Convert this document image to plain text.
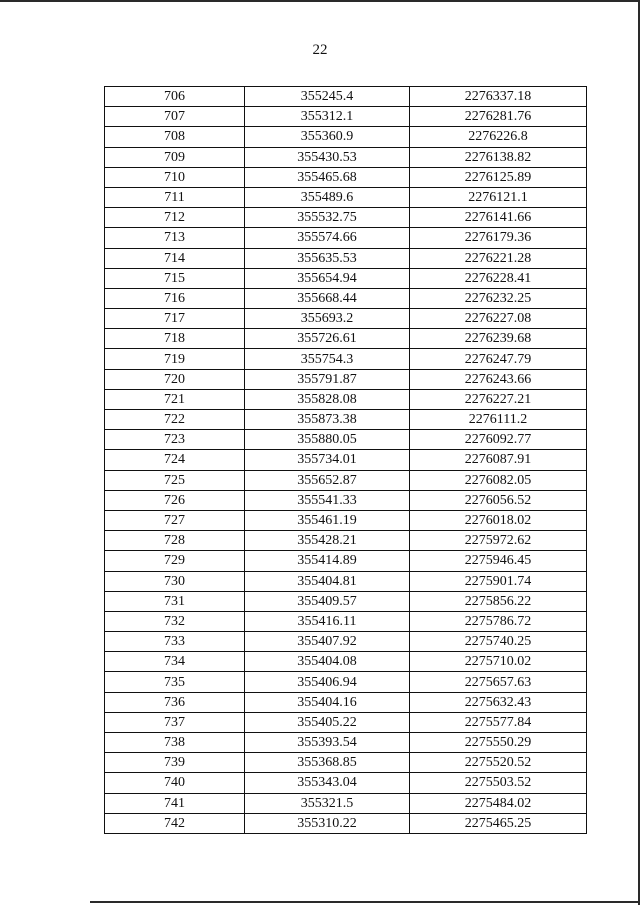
22
706	355245.4	2276337.18
707	355312.1	2276281.76
708	355360.9	2276226.8
709	355430.53	2276138.82
710	355465.68	2276125.89
711	355489.6	2276121.1
712	355532.75	2276141.66
713	355574.66	2276179.36
714	355635.53	2276221.28
715	355654.94	2276228.41
716	355668.44	2276232.25
717	355693.2	2276227.08
718	355726.61	2276239.68
719	355754.3	2276247.79
720	355791.87	2276243.66
721	355828.08	2276227.21
722	355873.38	2276111.2
723	355880.05	2276092.77
724	355734.01	2276087.91
725	355652.87	2276082.05
726	355541.33	2276056.52
727	355461.19	2276018.02
728	355428.21	2275972.62
729	355414.89	2275946.45
730	355404.81	2275901.74
731	355409.57	2275856.22
732	355416.11	2275786.72
733	355407.92	2275740.25
734	355404.08	2275710.02
735	355406.94	2275657.63
736	355404.16	2275632.43
737	355405.22	2275577.84
738	355393.54	2275550.29
739	355368.85	2275520.52
740	355343.04	2275503.52
741	355321.5	2275484.02
742	355310.22	2275465.25
